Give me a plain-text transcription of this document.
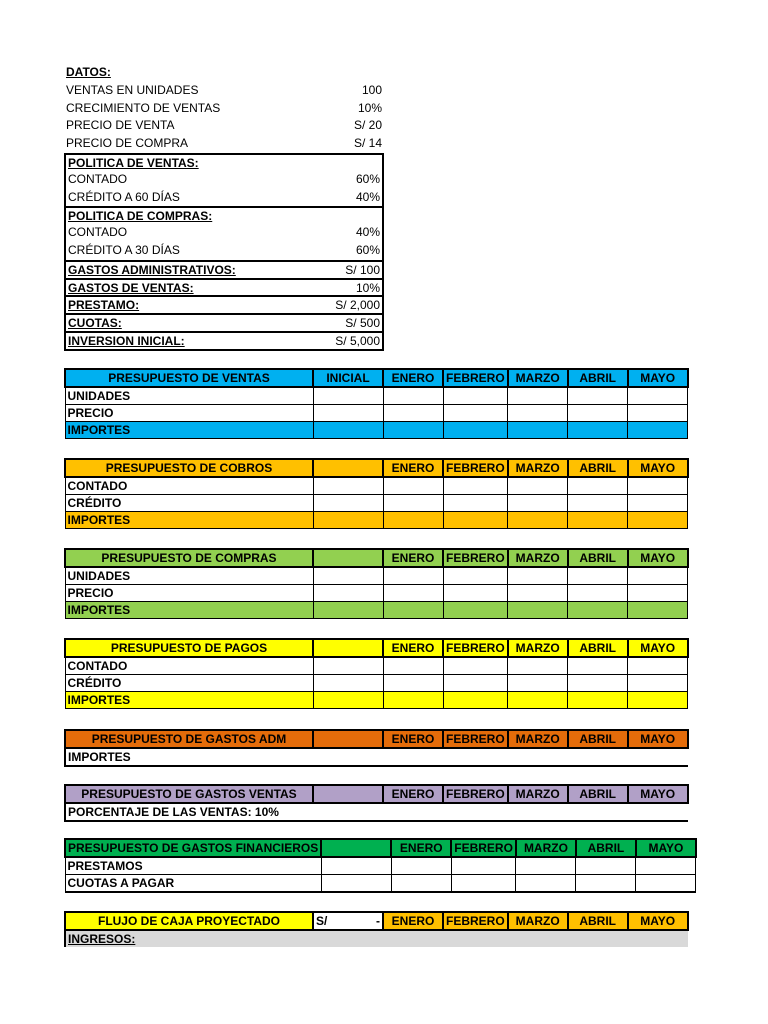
DATOS:
VENTAS EN UNIDADES	100
CRECIMIENTO DE VENTAS	10%
PRECIO DE VENTA	S/ 20
PRECIO DE COMPRA	S/ 14
POLITICA DE VENTAS:
CONTADO	60%
CRÉDITO A 60 DÍAS	40%
POLITICA DE COMPRAS:
CONTADO	40%
CRÉDITO A 30 DÍAS	60%
GASTOS ADMINISTRATIVOS:	S/ 100
GASTOS DE VENTAS:	10%
PRESTAMO:	S/ 2,000
CUOTAS:	S/ 500
INVERSION INICIAL:	S/ 5,000
PRESUPUESTO DE VENTAS	INICIAL	ENERO	FEBRERO	MARZO	ABRIL	MAYO
UNIDADES						
PRECIO						
IMPORTES						
PRESUPUESTO DE COBROS		ENERO	FEBRERO	MARZO	ABRIL	MAYO
CONTADO						
CRÉDITO						
IMPORTES						
PRESUPUESTO DE COMPRAS		ENERO	FEBRERO	MARZO	ABRIL	MAYO
UNIDADES						
PRECIO						
IMPORTES						
PRESUPUESTO DE PAGOS		ENERO	FEBRERO	MARZO	ABRIL	MAYO
CONTADO						
CRÉDITO						
IMPORTES						
PRESUPUESTO DE GASTOS ADM		ENERO	FEBRERO	MARZO	ABRIL	MAYO
IMPORTES						
PRESUPUESTO DE GASTOS VENTAS		ENERO	FEBRERO	MARZO	ABRIL	MAYO
PORCENTAJE DE LAS VENTAS: 10%						
PRESUPUESTO DE GASTOS FINANCIEROS		ENERO	FEBRERO	MARZO	ABRIL	MAYO
PRESTAMOS						
CUOTAS A PAGAR						
FLUJO DE CAJA PROYECTADO	S/ -	ENERO	FEBRERO	MARZO	ABRIL	MAYO
INGRESOS:						
